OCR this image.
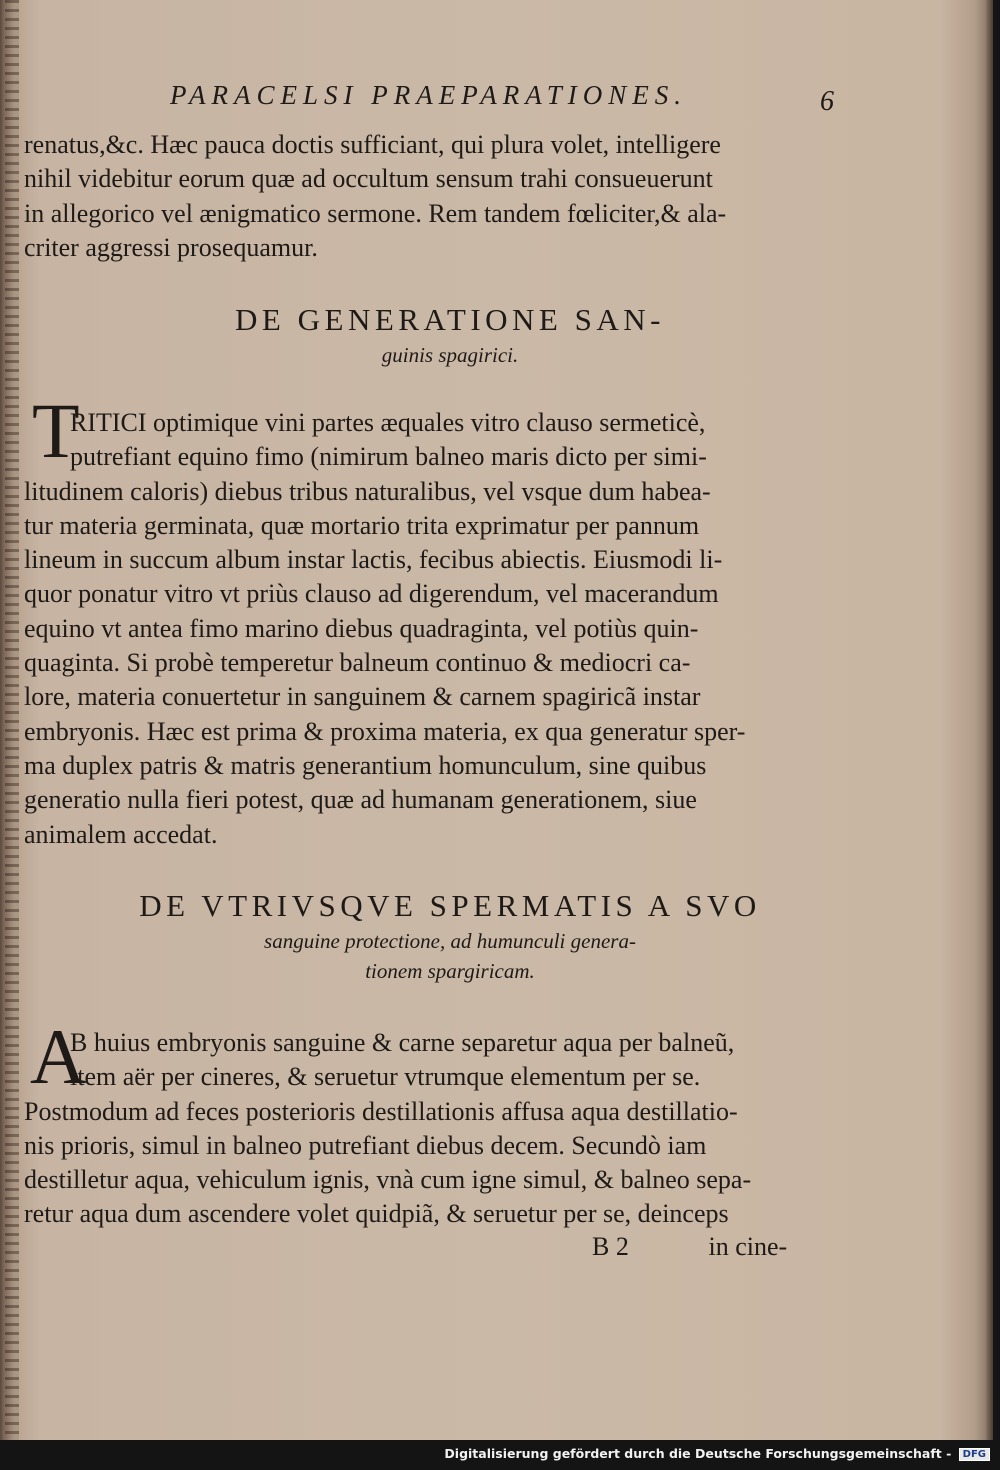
PARACELSI PRAEPARATIONES.	6

renatus,&c. Hæc pauca doctis sufficiant, qui plura volet, intelligere

nihil videbitur eorum quæ ad occultum sensum trahi consueuerunt

in allegorico vel ænigmatico sermone. Rem tandem fœliciter,& ala-

criter aggressi prosequamur.

DE GENERATIONE SAN-
guinis spagirici.
T

RITICI optimique vini partes æquales vitro clauso sermeticè,

putrefiant equino fimo (nimirum balneo maris dicto per simi-

litudinem caloris) diebus tribus naturalibus, vel vsque dum habea-

tur materia germinata, quæ mortario trita exprimatur per pannum

lineum in succum album instar lactis, fecibus abiectis. Eiusmodi li-

quor ponatur vitro vt priùs clauso ad digerendum, vel macerandum

equino vt antea fimo marino diebus quadraginta, vel potiùs quin-

quaginta. Si probè temperetur balneum continuo & mediocri ca-

lore, materia conuertetur in sanguinem & carnem spagiricã instar

embryonis. Hæc est prima & proxima materia, ex qua generatur sper-

ma duplex patris & matris generantium homunculum, sine quibus

generatio nulla fieri potest, quæ ad humanam generationem, siue

animalem accedat.

DE VTRIVSQVE SPERMATIS A SVO
sanguine protectione, ad humunculi genera-
tionem spargiricam.
A

B huius embryonis sanguine & carne separetur aqua per balneũ,

item aër per cineres, & seruetur vtrumque elementum per se.

Postmodum ad feces posterioris destillationis affusa aqua destillatio-

nis prioris, simul in balneo putrefiant diebus decem. Secundò iam

destilletur aqua, vehiculum ignis, vnà cum igne simul, & balneo sepa-

retur aqua dum ascendere volet quidpiã, & seruetur per se, deinceps

B 2	in cine-
Digitalisierung gefördert durch die Deutsche Forschungsgemeinschaft - DFG
